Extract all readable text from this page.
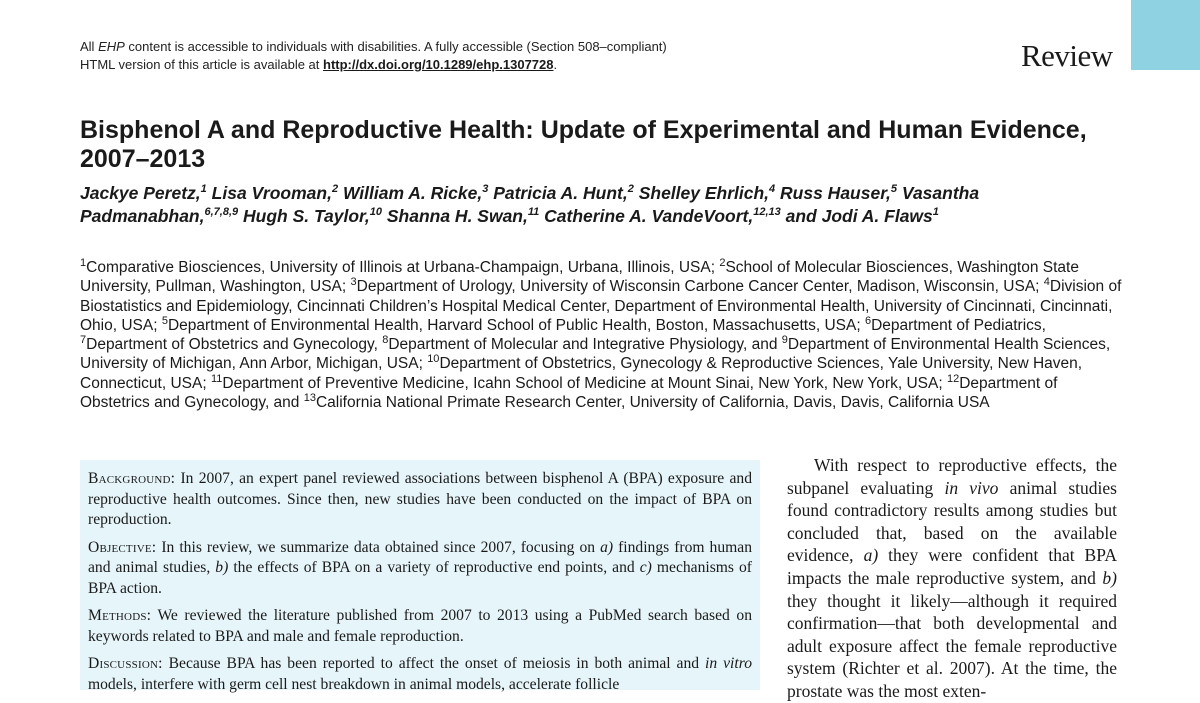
All EHP content is accessible to individuals with disabilities. A fully accessible (Section 508–compliant)
HTML version of this article is available at http://dx.doi.org/10.1289/ehp.1307728.	Review
Bisphenol A and Reproductive Health: Update of Experimental and Human Evidence, 2007–2013
Jackye Peretz,$^1$ Lisa Vrooman,$^2$ William A. Ricke,$^3$ Patricia A. Hunt,$^2$ Shelley Ehrlich,$^4$ Russ Hauser,$^5$ Vasantha Padmanabhan,$^{6,7,8,9}$ Hugh S. Taylor,$^{10}$ Shanna H. Swan,$^{11}$ Catherine A. VandeVoort,$^{12,13}$ and Jodi A. Flaws$^1$
$^1$Comparative Biosciences, University of Illinois at Urbana-Champaign, Urbana, Illinois, USA; $^2$School of Molecular Biosciences, Washington State University, Pullman, Washington, USA; $^3$Department of Urology, University of Wisconsin Carbone Cancer Center, Madison, Wisconsin, USA; $^4$Division of Biostatistics and Epidemiology, Cincinnati Children’s Hospital Medical Center, Department of Environmental Health, University of Cincinnati, Cincinnati, Ohio, USA; $^5$Department of Environmental Health, Harvard School of Public Health, Boston, Massachusetts, USA; $^6$Department of Pediatrics, $^7$Department of Obstetrics and Gynecology, $^8$Department of Molecular and Integrative Physiology, and $^9$Department of Environmental Health Sciences, University of Michigan, Ann Arbor, Michigan, USA; $^{10}$Department of Obstetrics, Gynecology & Reproductive Sciences, Yale University, New Haven, Connecticut, USA; $^{11}$Department of Preventive Medicine, Icahn School of Medicine at Mount Sinai, New York, New York, USA; $^{12}$Department of Obstetrics and Gynecology, and $^{13}$California National Primate Research Center, University of California, Davis, Davis, California USA

Background: In 2007, an expert panel reviewed associations between bisphenol A (BPA) exposure and reproductive health outcomes. Since then, new studies have been conducted on the impact of BPA on reproduction.

Objective: In this review, we summarize data obtained since 2007, focusing on a) findings from human and animal studies, b) the effects of BPA on a variety of reproductive end points, and c) mechanisms of BPA action.

Methods: We reviewed the literature published from 2007 to 2013 using a PubMed search based on keywords related to BPA and male and female reproduction.

Discussion: Because BPA has been reported to affect the onset of meiosis in both animal and in vitro models, interfere with germ cell nest breakdown in animal models, accelerate follicle

With respect to reproductive effects, the subpanel evaluating in vivo animal studies found contradictory results among studies but concluded that, based on the available evidence, a) they were confident that BPA impacts the male reproductive system, and b) they thought it likely—although it required confirmation—that both developmental and adult exposure affect the female reproductive system (Richter et al. 2007). At the time, the prostate was the most exten-
